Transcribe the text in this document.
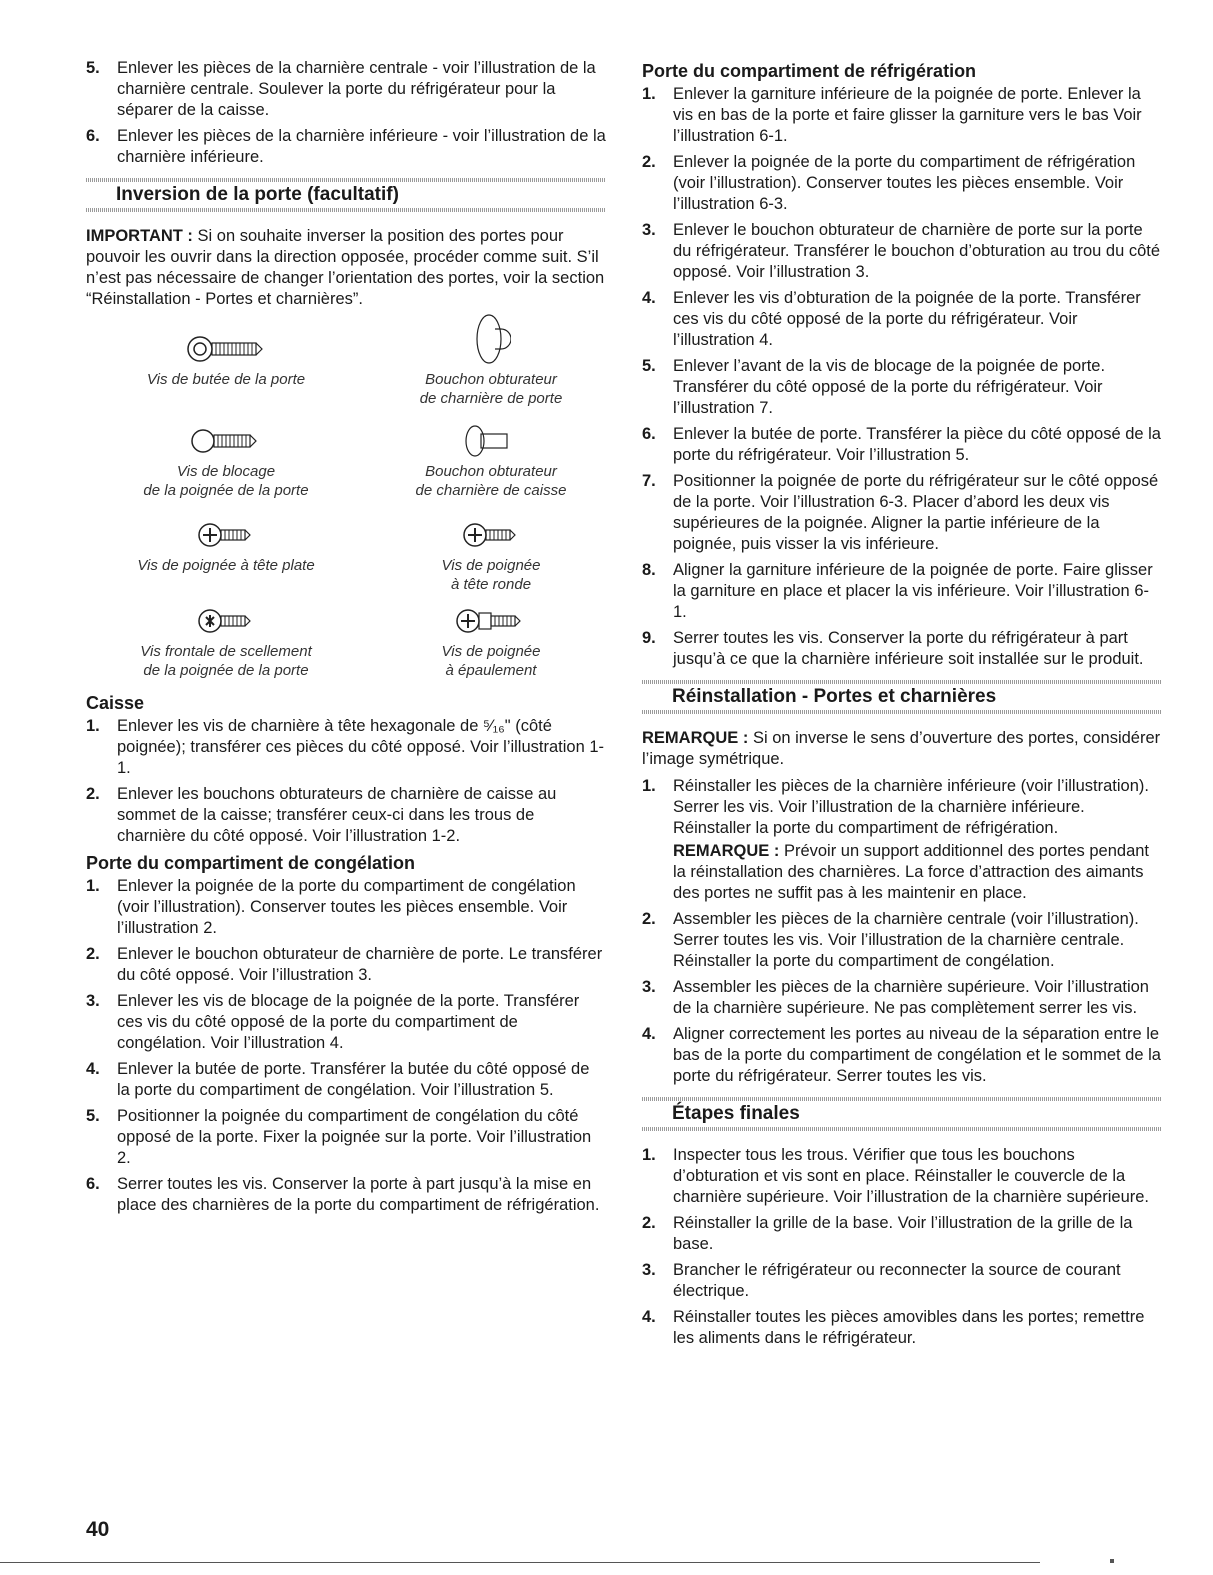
5. Enlever les pièces de la charnière centrale - voir l’illustration de la charnière centrale. Soulever la porte du réfrigérateur pour la séparer de la caisse.
6. Enlever les pièces de la charnière inférieure - voir l’illustration de la charnière inférieure.
Inversion de la porte (facultatif)

IMPORTANT : Si on souhaite inverser la position des portes pour pouvoir les ouvrir dans la direction opposée, procéder comme suit. S’il n’est pas nécessaire de changer l’orientation des portes, voir la section “Réinstallation - Portes et charnières”.

Vis de butée de la porte	Bouchon obturateur
de charnière de porte
Vis de blocage
de la poignée de la porte
Bouchon obturateur
de charnière de caisse
Vis de poignée à tête plate	Vis de poignée
à tête ronde
Vis frontale de scellement
de la poignée de la porte
Vis de poignée
à épaulement
Caisse
1. Enlever les vis de charnière à tête hexagonale de ⁵⁄₁₆" (côté poignée); transférer ces pièces du côté opposé. Voir l’illustration 1-1.
2. Enlever les bouchons obturateurs de charnière de caisse au sommet de la caisse; transférer ceux-ci dans les trous de charnière du côté opposé. Voir l’illustration 1-2.
Porte du compartiment de congélation
1. Enlever la poignée de la porte du compartiment de congélation (voir l’illustration). Conserver toutes les pièces ensemble. Voir l’illustration 2.
2. Enlever le bouchon obturateur de charnière de porte. Le transférer du côté opposé. Voir l’illustration 3.
3. Enlever les vis de blocage de la poignée de la porte. Transférer ces vis du côté opposé de la porte du compartiment de congélation. Voir l’illustration 4.
4. Enlever la butée de porte. Transférer la butée du côté opposé de la porte du compartiment de congélation. Voir l’illustration 5.
5. Positionner la poignée du compartiment de congélation du côté opposé de la porte. Fixer la poignée sur la porte. Voir l’illustration 2.
6. Serrer toutes les vis. Conserver la porte à part jusqu’à la mise en place des charnières de la porte du compartiment de réfrigération.
Porte du compartiment de réfrigération
1. Enlever la garniture inférieure de la poignée de porte. Enlever la vis en bas de la porte et faire glisser la garniture vers le bas Voir l’illustration 6-1.
2. Enlever la poignée de la porte du compartiment de réfrigération (voir l’illustration). Conserver toutes les pièces ensemble. Voir l’illustration 6-3.
3. Enlever le bouchon obturateur de charnière de porte sur la porte du réfrigérateur. Transférer le bouchon d’obturation au trou du côté opposé. Voir l’illustration 3.
4. Enlever les vis d’obturation de la poignée de la porte. Transférer ces vis du côté opposé de la porte du réfrigérateur. Voir l’illustration 4.
5. Enlever l’avant de la vis de blocage de la poignée de porte. Transférer du côté opposé de la porte du réfrigérateur. Voir l’illustration 7.
6. Enlever la butée de porte. Transférer la pièce du côté opposé de la porte du réfrigérateur. Voir l’illustration 5.
7. Positionner la poignée de porte du réfrigérateur sur le côté opposé de la porte. Voir l’illustration 6-3. Placer d’abord les deux vis supérieures de la poignée. Aligner la partie inférieure de la poignée, puis visser la vis inférieure.
8. Aligner la garniture inférieure de la poignée de porte. Faire glisser la garniture en place et placer la vis inférieure. Voir l’illustration 6-1.
9. Serrer toutes les vis. Conserver la porte du réfrigérateur à part jusqu’à ce que la charnière inférieure soit installée sur le produit.
Réinstallation - Portes et charnières

REMARQUE : Si on inverse le sens d’ouverture des portes, considérer l’image symétrique.

1. Réinstaller les pièces de la charnière inférieure (voir l’illustration). Serrer les vis. Voir l’illustration de la charnière inférieure. Réinstaller la porte du compartiment de réfrigération.

REMARQUE : Prévoir un support additionnel des portes pendant la réinstallation des charnières. La force d’attraction des aimants des portes ne suffit pas à les maintenir en place.

2. Assembler les pièces de la charnière centrale (voir l’illustration). Serrer toutes les vis. Voir l’illustration de la charnière centrale. Réinstaller la porte du compartiment de congélation.
3. Assembler les pièces de la charnière supérieure. Voir l’illustration de la charnière supérieure. Ne pas complètement serrer les vis.
4. Aligner correctement les portes au niveau de la séparation entre le bas de la porte du compartiment de congélation et le sommet de la porte du réfrigérateur. Serrer toutes les vis.
Étapes finales
1. Inspecter tous les trous. Vérifier que tous les bouchons d’obturation et vis sont en place. Réinstaller le couvercle de la charnière supérieure. Voir l’illustration de la charnière supérieure.
2. Réinstaller la grille de la base. Voir l’illustration de la grille de la base.
3. Brancher le réfrigérateur ou reconnecter la source de courant électrique.
4. Réinstaller toutes les pièces amovibles dans les portes; remettre les aliments dans le réfrigérateur.
40
